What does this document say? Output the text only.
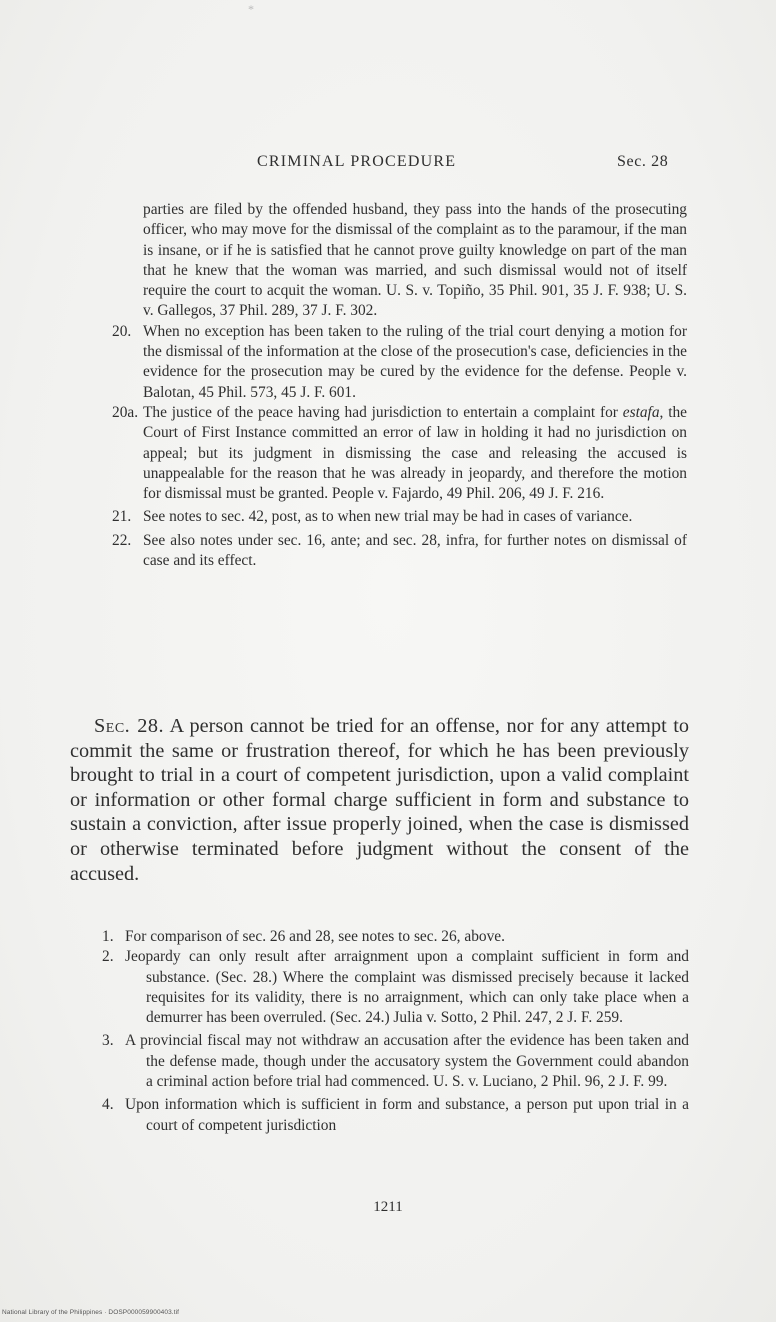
*
CRIMINAL PROCEDURE	Sec. 28

parties are filed by the offended husband, they pass into the hands of the prosecuting officer, who may move for the dismissal of the complaint as to the paramour, if the man is insane, or if he is satisfied that he cannot prove guilty knowledge on part of the man that he knew that the woman was married, and such dismissal would not of itself require the court to acquit the woman. U. S. v. Topiño, 35 Phil. 901, 35 J. F. 938; U. S. v. Gallegos, 37 Phil. 289, 37 J. F. 302.

20. When no exception has been taken to the ruling of the trial court denying a motion for the dismissal of the information at the close of the prosecution's case, deficiencies in the evidence for the prosecution may be cured by the evidence for the defense. People v. Balotan, 45 Phil. 573, 45 J. F. 601.

20a. The justice of the peace having had jurisdiction to entertain a complaint for estafa, the Court of First Instance committed an error of law in holding it had no jurisdiction on appeal; but its judgment in dismissing the case and releasing the accused is unappealable for the reason that he was already in jeopardy, and therefore the motion for dismissal must be granted. People v. Fajardo, 49 Phil. 206, 49 J. F. 216.

21. See notes to sec. 42, post, as to when new trial may be had in cases of variance.

22. See also notes under sec. 16, ante; and sec. 28, infra, for further notes on dismissal of case and its effect.

Sec. 28. A person cannot be tried for an offense, nor for any attempt to commit the same or frustration thereof, for which he has been previously brought to trial in a court of competent jurisdiction, upon a valid complaint or information or other formal charge sufficient in form and substance to sustain a conviction, after issue properly joined, when the case is dismissed or otherwise terminated before judgment without the consent of the accused.

1. For comparison of sec. 26 and 28, see notes to sec. 26, above.

2. Jeopardy can only result after arraignment upon a complaint sufficient in form and substance. (Sec. 28.) Where the complaint was dismissed precisely because it lacked requisites for its validity, there is no arraignment, which can only take place when a demurrer has been overruled. (Sec. 24.) Julia v. Sotto, 2 Phil. 247, 2 J. F. 259.

3. A provincial fiscal may not withdraw an accusation after the evidence has been taken and the defense made, though under the accusatory system the Government could abandon a criminal action before trial had commenced. U. S. v. Luciano, 2 Phil. 96, 2 J. F. 99.

4. Upon information which is sufficient in form and substance, a person put upon trial in a court of competent jurisdiction

1211
National Library of the Philippines · DOSP000059900403.tif
